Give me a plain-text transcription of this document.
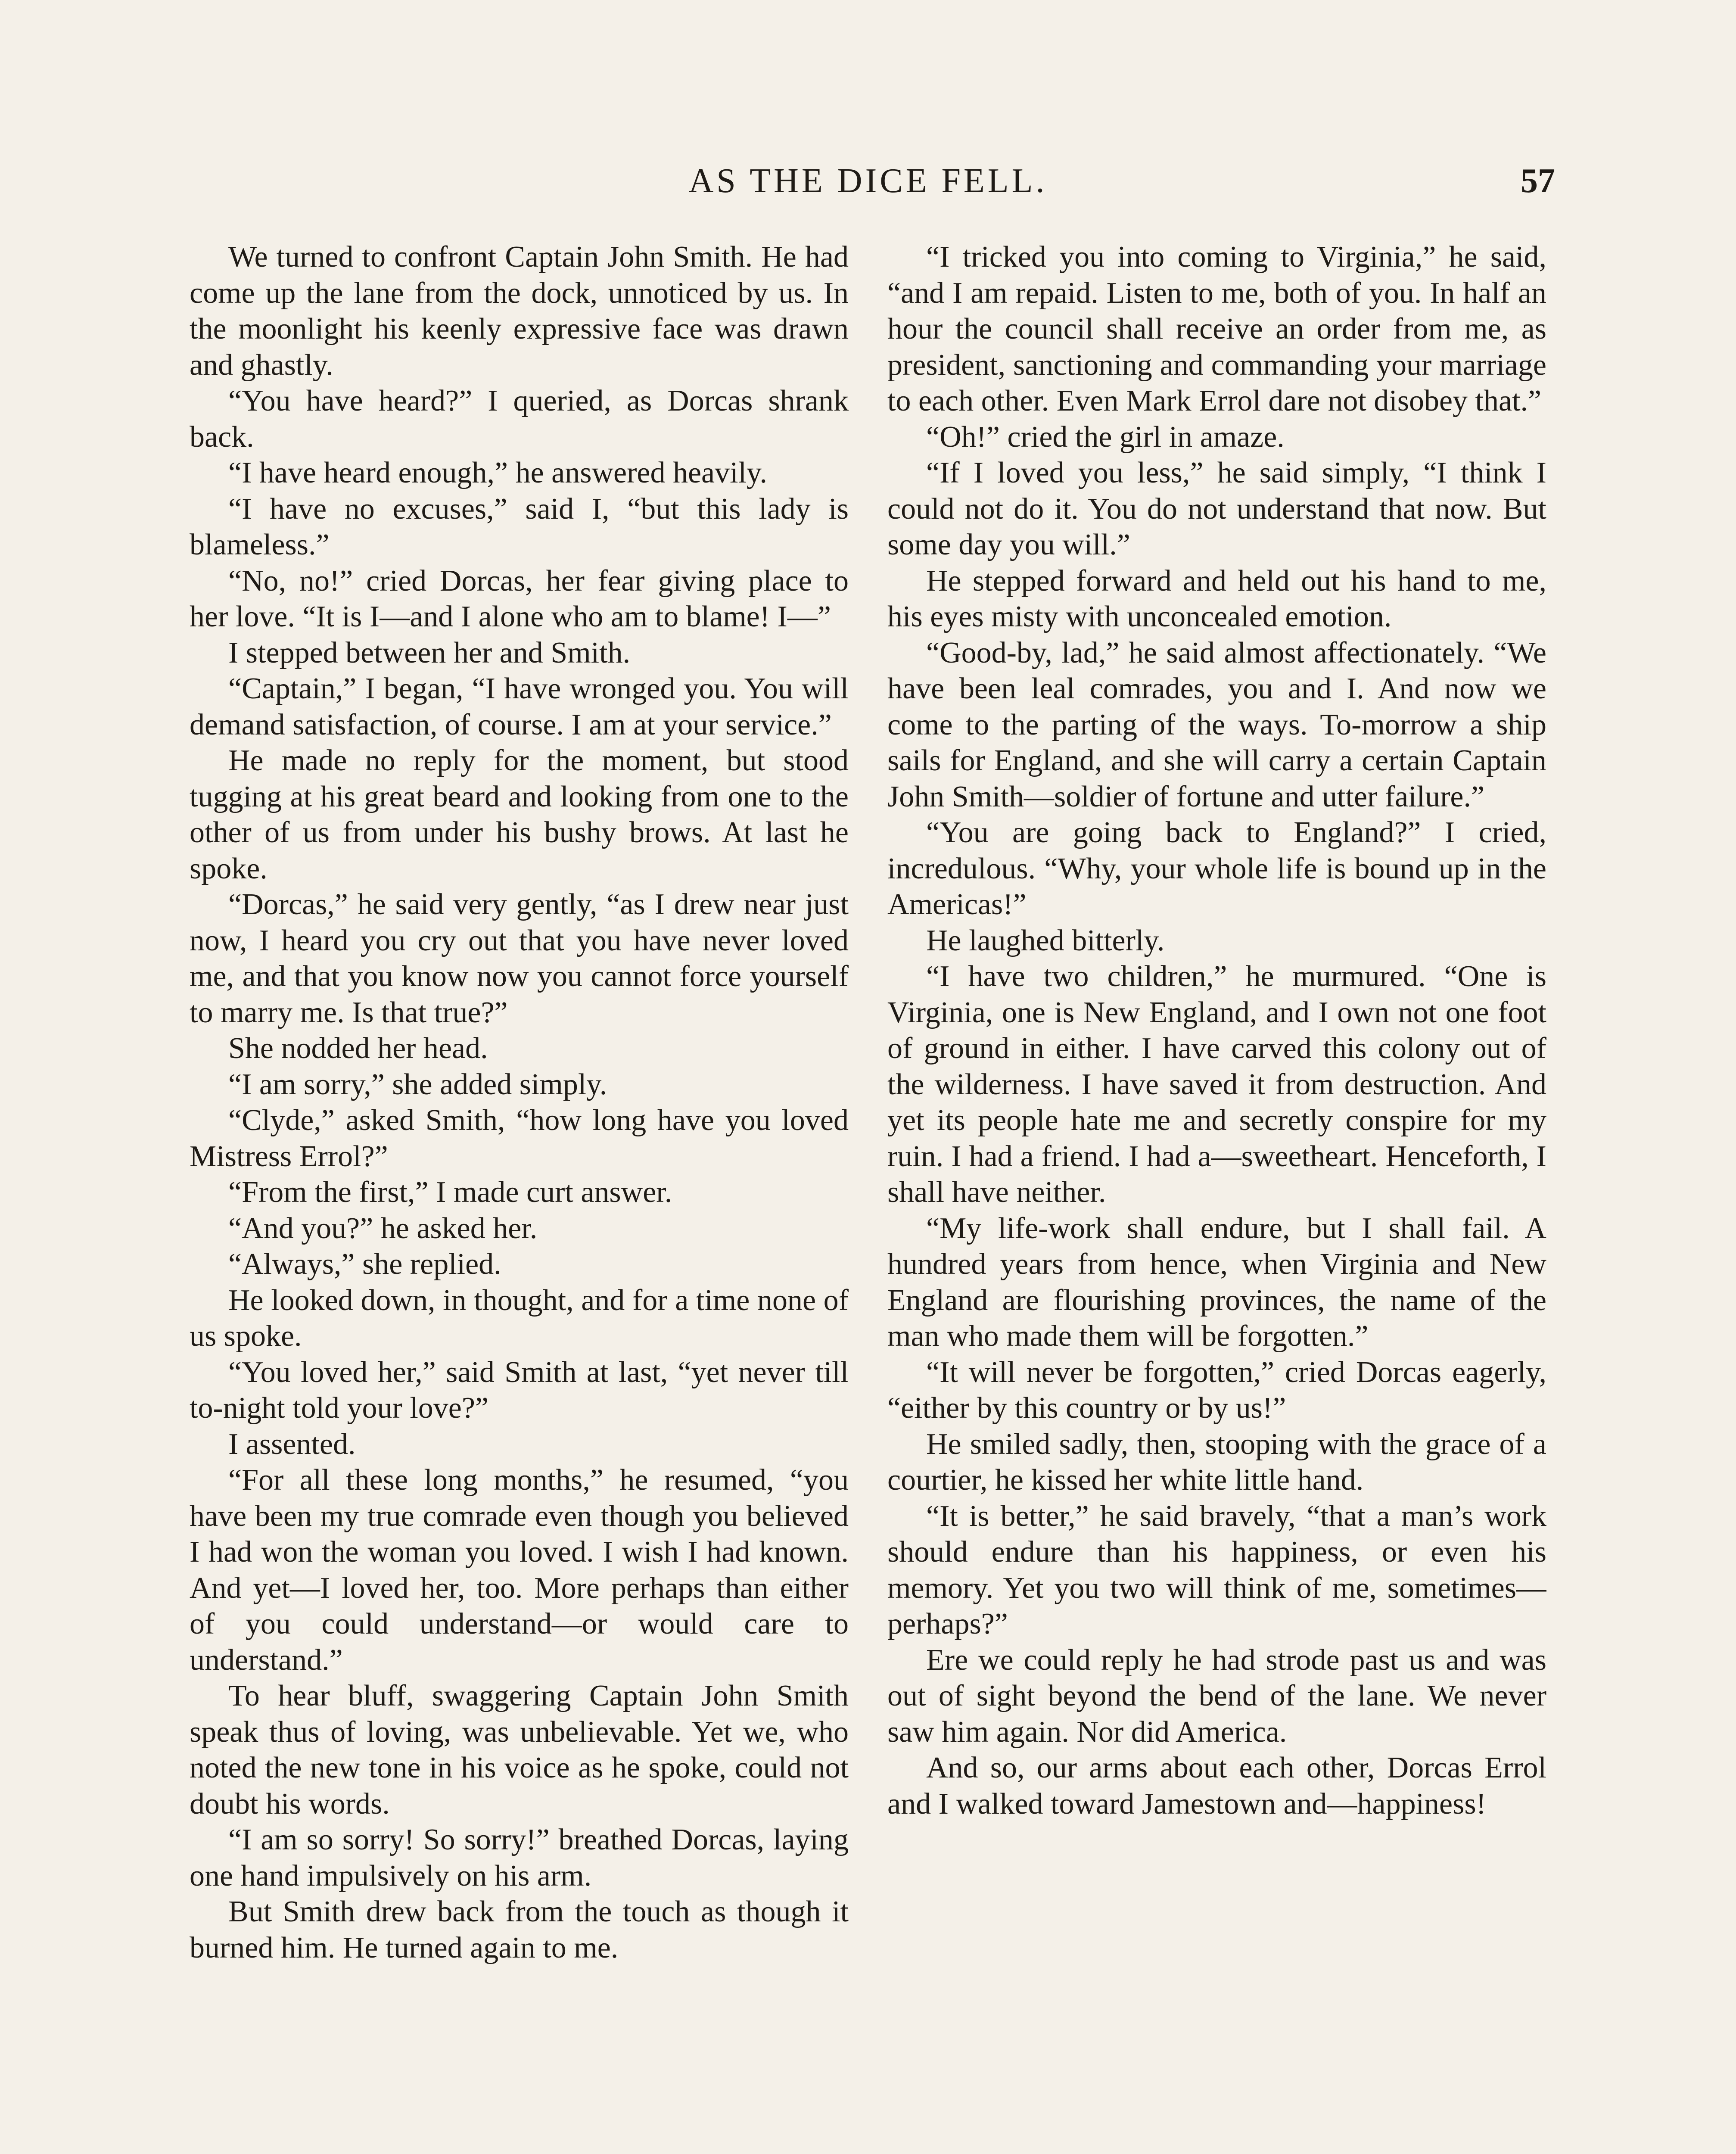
AS THE DICE FELL.	57

We turned to confront Captain John Smith. He had come up the lane from the dock, unnoticed by us. In the moonlight his keenly expressive face was drawn and ghastly.

“You have heard?” I queried, as Dorcas shrank back.

“I have heard enough,” he answered heavily.

“I have no excuses,” said I, “but this lady is blameless.”

“No, no!” cried Dorcas, her fear giving place to her love. “It is I—and I alone who am to blame! I—”

I stepped between her and Smith.

“Captain,” I began, “I have wronged you. You will demand satisfaction, of course. I am at your service.”

He made no reply for the moment, but stood tugging at his great beard and looking from one to the other of us from under his bushy brows. At last he spoke.

“Dorcas,” he said very gently, “as I drew near just now, I heard you cry out that you have never loved me, and that you know now you cannot force yourself to marry me. Is that true?”

She nodded her head.

“I am sorry,” she added simply.

“Clyde,” asked Smith, “how long have you loved Mistress Errol?”

“From the first,” I made curt answer.

“And you?” he asked her.

“Always,” she replied.

He looked down, in thought, and for a time none of us spoke.

“You loved her,” said Smith at last, “yet never till to-night told your love?”

I assented.

“For all these long months,” he resumed, “you have been my true comrade even though you believed I had won the woman you loved. I wish I had known. And yet—I loved her, too. More perhaps than either of you could understand—or would care to understand.”

To hear bluff, swaggering Captain John Smith speak thus of loving, was unbelievable. Yet we, who noted the new tone in his voice as he spoke, could not doubt his words.

“I am so sorry! So sorry!” breathed Dorcas, laying one hand impulsively on his arm.

But Smith drew back from the touch as though it burned him. He turned again to me.

“I tricked you into coming to Virginia,” he said, “and I am repaid. Listen to me, both of you. In half an hour the council shall receive an order from me, as president, sanctioning and commanding your marriage to each other. Even Mark Errol dare not disobey that.”

“Oh!” cried the girl in amaze.

“If I loved you less,” he said simply, “I think I could not do it. You do not understand that now. But some day you will.”

He stepped forward and held out his hand to me, his eyes misty with unconcealed emotion.

“Good-by, lad,” he said almost affectionately. “We have been leal comrades, you and I. And now we come to the parting of the ways. To-morrow a ship sails for England, and she will carry a certain Captain John Smith—soldier of fortune and utter failure.”

“You are going back to England?” I cried, incredulous. “Why, your whole life is bound up in the Americas!”

He laughed bitterly.

“I have two children,” he murmured. “One is Virginia, one is New England, and I own not one foot of ground in either. I have carved this colony out of the wilderness. I have saved it from destruction. And yet its people hate me and secretly conspire for my ruin. I had a friend. I had a—sweetheart. Henceforth, I shall have neither.

“My life-work shall endure, but I shall fail. A hundred years from hence, when Virginia and New England are flourishing provinces, the name of the man who made them will be forgotten.”

“It will never be forgotten,” cried Dorcas eagerly, “either by this country or by us!”

He smiled sadly, then, stooping with the grace of a courtier, he kissed her white little hand.

“It is better,” he said bravely, “that a man’s work should endure than his happiness, or even his memory. Yet you two will think of me, sometimes—perhaps?”

Ere we could reply he had strode past us and was out of sight beyond the bend of the lane. We never saw him again. Nor did America.

And so, our arms about each other, Dorcas Errol and I walked toward Jamestown and—happiness!
